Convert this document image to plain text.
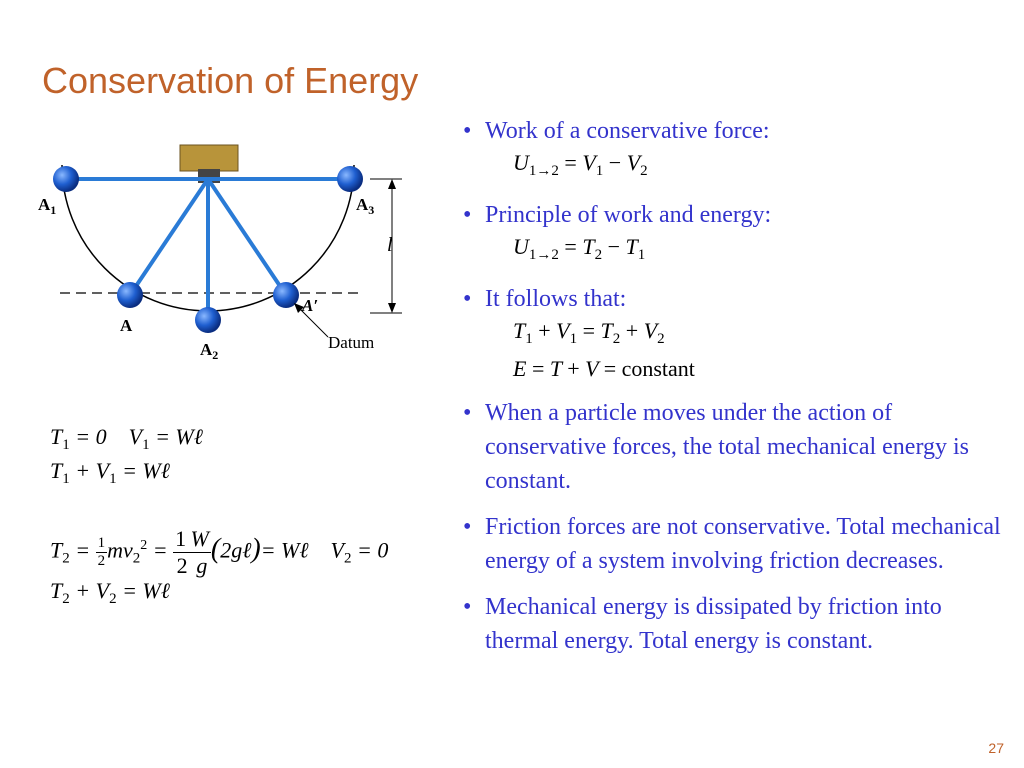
Conservation of Energy
$A_1$	$A_3$
A
A′
$A_2$
l
Datum
• Work of a conservative force:
$U_{1\to 2} = V_1 - V_2$
• Principle of work and energy:
$U_{1\to 2} = T_2 - T_1$
• It follows that:
$T_1 + V_1 = T_2 + V_2$
E = T + V = constant
• When a particle moves under the action of conservative forces, the total mechanical energy is constant.
• Friction forces are not conservative. Total mechanical energy of a system involving friction decreases.
• Mechanical energy is dissipated by friction into thermal energy. Total energy is constant.
$T_1 = 0$    $V_1$ = Wℓ
$T_1 + V_1$ = Wℓ
$T_2 = \frac{1}{2} mv_2^2 = \frac{1 W}{2 g}$ (2gℓ)= Wℓ    $V_2 = 0$
$T_2 + V_2$ = Wℓ
27
